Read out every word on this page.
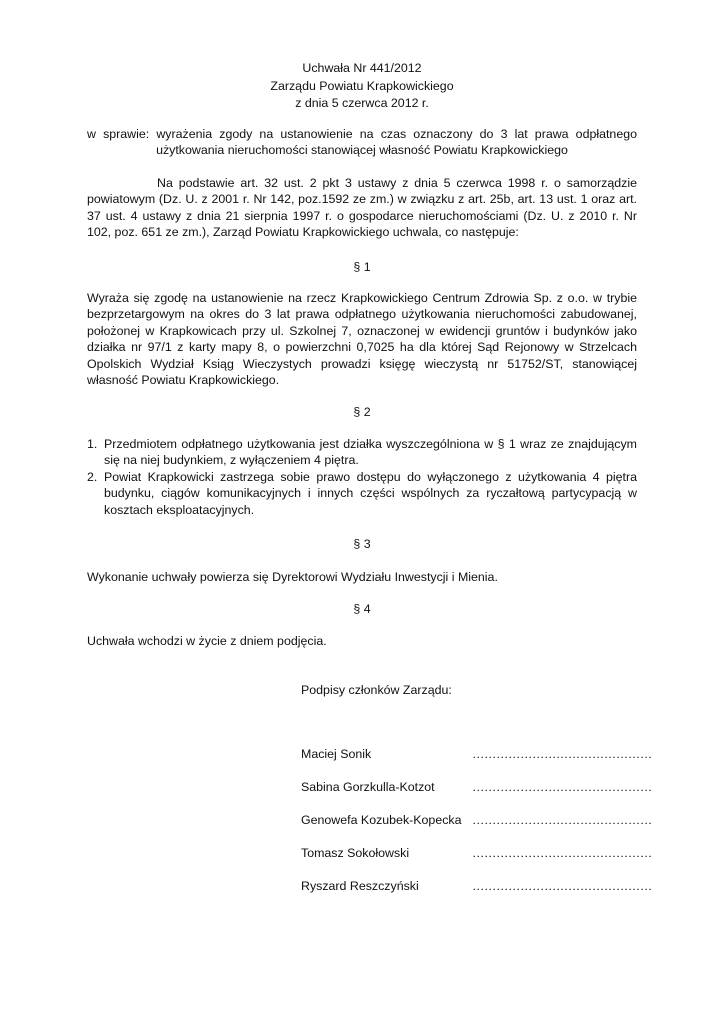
Uchwała Nr 441/2012
Zarządu Powiatu Krapkowickiego
z dnia 5 czerwca 2012 r.
w sprawie: wyrażenia zgody na ustanowienie na czas oznaczony do 3 lat prawa odpłatnego
użytkowania nieruchomości stanowiącej własność Powiatu Krapkowickiego

Na podstawie art. 32 ust. 2 pkt 3 ustawy z dnia 5 czerwca 1998 r. o samorządzie powiatowym (Dz. U. z 2001 r. Nr 142, poz.1592 ze zm.) w związku z art. 25b, art. 13 ust. 1 oraz art. 37 ust. 4 ustawy z dnia 21 sierpnia 1997 r. o gospodarce nieruchomościami (Dz. U. z 2010 r. Nr 102, poz. 651 ze zm.), Zarząd Powiatu Krapkowickiego uchwala, co następuje:

§ 1

Wyraża się zgodę na ustanowienie na rzecz Krapkowickiego Centrum Zdrowia Sp. z o.o. w trybie bezprzetargowym na okres do 3 lat prawa odpłatnego użytkowania nieruchomości zabudowanej, położonej w Krapkowicach przy ul. Szkolnej 7, oznaczonej w ewidencji gruntów i budynków jako działka nr 97/1 z karty mapy 8, o powierzchni 0,7025 ha dla której Sąd Rejonowy w Strzelcach Opolskich Wydział Ksiąg Wieczystych prowadzi księgę wieczystą nr 51752/ST, stanowiącej własność Powiatu Krapkowickiego.

§ 2
1. Przedmiotem odpłatnego użytkowania jest działka wyszczególniona w § 1 wraz ze znajdującym się na niej budynkiem, z wyłączeniem 4 piętra.
2. Powiat Krapkowicki zastrzega sobie prawo dostępu do wyłączonego z użytkowania 4 piętra budynku, ciągów komunikacyjnych i innych części wspólnych za ryczałtową partycypacją w kosztach eksploatacyjnych.
§ 3

Wykonanie uchwały powierza się Dyrektorowi Wydziału Inwestycji i Mienia.

§ 4

Uchwała wchodzi w życie z dniem podjęcia.

Podpisy członków Zarządu:
Maciej Sonik	………………………………………
Sabina Gorzkulla-Kotzot	………………………………………
Genowefa Kozubek-Kopecka ………………………………………
Tomasz Sokołowski	………………………………………
Ryszard Reszczyński	………………………………………
